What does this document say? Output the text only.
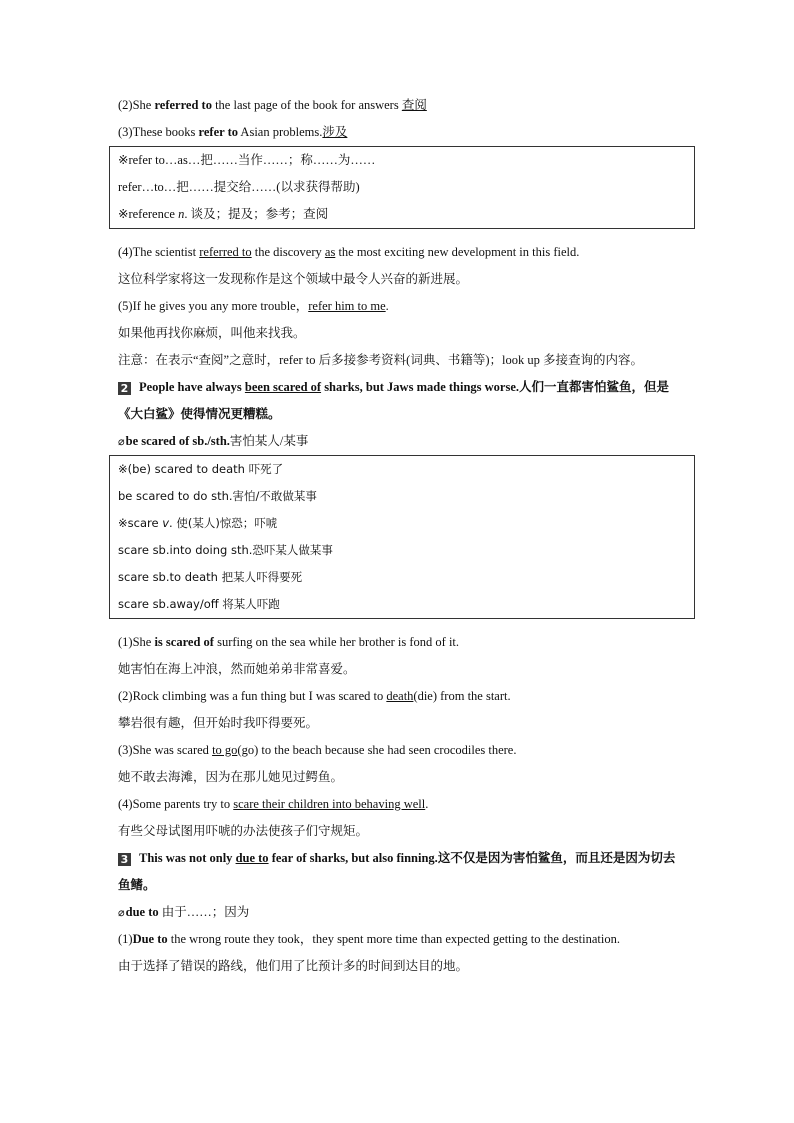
(2)She referred to the last page of the book for answers 查阅
(3)These books refer to Asian problems.涉及
※refer to…as…把……当作……；称……为……
refer…to…把……提交给……(以求获得帮助)
※reference n. 谈及；提及；参考；查阅
(4)The scientist referred to the discovery as the most exciting new development in this field.
这位科学家将这一发现称作是这个领域中最令人兴奋的新进展。
(5)If he gives you any more trouble，refer him to me.
如果他再找你麻烦，叫他来找我。
注意：在表示“查阅”之意时，refer to 后多接参考资料(词典、书籍等)；look up 多接查询的内容。
2 People have always been scared of sharks, but Jaws made things worse.人们一直都害怕鲨鱼，但是《大白鲨》使得情况更糟糕。
⌀be scared of sb./sth.害怕某人/某事
※(be) scared to death 吓死了
be scared to do sth.害怕/不敢做某事
※scare v. 使(某人)惊恐；吓唬
scare sb.into doing sth.恐吓某人做某事
scare sb.to death 把某人吓得要死
scare sb.away/off 将某人吓跑
(1)She is scared of surfing on the sea while her brother is fond of it.
她害怕在海上冲浪，然而她弟弟非常喜爱。
(2)Rock climbing was a fun thing but I was scared to death(die) from the start.
攀岩很有趣，但开始时我吓得要死。
(3)She was scared to go(go) to the beach because she had seen crocodiles there.
她不敢去海滩，因为在那儿她见过鳄鱼。
(4)Some parents try to scare their children into behaving well.
有些父母试图用吓唬的办法使孩子们守规矩。
3 This was not only due to fear of sharks, but also finning.这不仅是因为害怕鲨鱼，而且还是因为切去鱼鳍。
⌀due to 由于……；因为
(1)Due to the wrong route they took，they spent more time than expected getting to the destination.
由于选择了错误的路线，他们用了比预计多的时间到达目的地。
